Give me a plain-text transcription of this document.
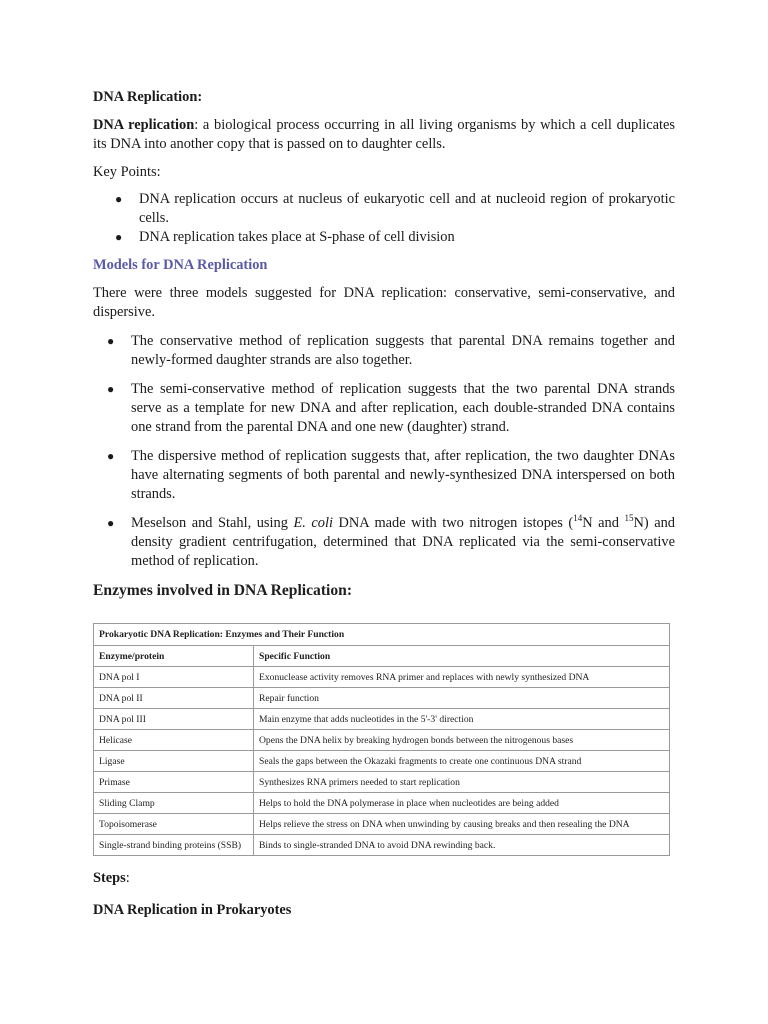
DNA Replication:

DNA replication: a biological process occurring in all living organisms by which a cell duplicates its DNA into another copy that is passed on to daughter cells.

Key Points:

● DNA replication occurs at nucleus of eukaryotic cell and at nucleoid region of prokaryotic cells.
● DNA replication takes place at S-phase of cell division

Models for DNA Replication

There were three models suggested for DNA replication: conservative, semi-conservative, and dispersive.

● The conservative method of replication suggests that parental DNA remains together and newly-formed daughter strands are also together.
● The semi-conservative method of replication suggests that the two parental DNA strands serve as a template for new DNA and after replication, each double-stranded DNA contains one strand from the parental DNA and one new (daughter) strand.
● The dispersive method of replication suggests that, after replication, the two daughter DNAs have alternating segments of both parental and newly-synthesized DNA interspersed on both strands.
● Meselson and Stahl, using E. coli DNA made with two nitrogen istopes ($^{14}$N and $^{15}$N) and density gradient centrifugation, determined that DNA replicated via the semi-conservative method of replication.

Enzymes involved in DNA Replication:

Prokaryotic DNA Replication: Enzymes and Their Function	
Enzyme/protein	Specific Function
DNA pol I	Exonuclease activity removes RNA primer and replaces with newly synthesized DNA
DNA pol II	Repair function
DNA pol III	Main enzyme that adds nucleotides in the 5'-3' direction
Helicase	Opens the DNA helix by breaking hydrogen bonds between the nitrogenous bases
Ligase	Seals the gaps between the Okazaki fragments to create one continuous DNA strand
Primase	Synthesizes RNA primers needed to start replication
Sliding Clamp	Helps to hold the DNA polymerase in place when nucleotides are being added
Topoisomerase	Helps relieve the stress on DNA when unwinding by causing breaks and then resealing the DNA
Single-strand binding proteins (SSB)	Binds to single-stranded DNA to avoid DNA rewinding back.
Steps:
DNA Replication in Prokaryotes
